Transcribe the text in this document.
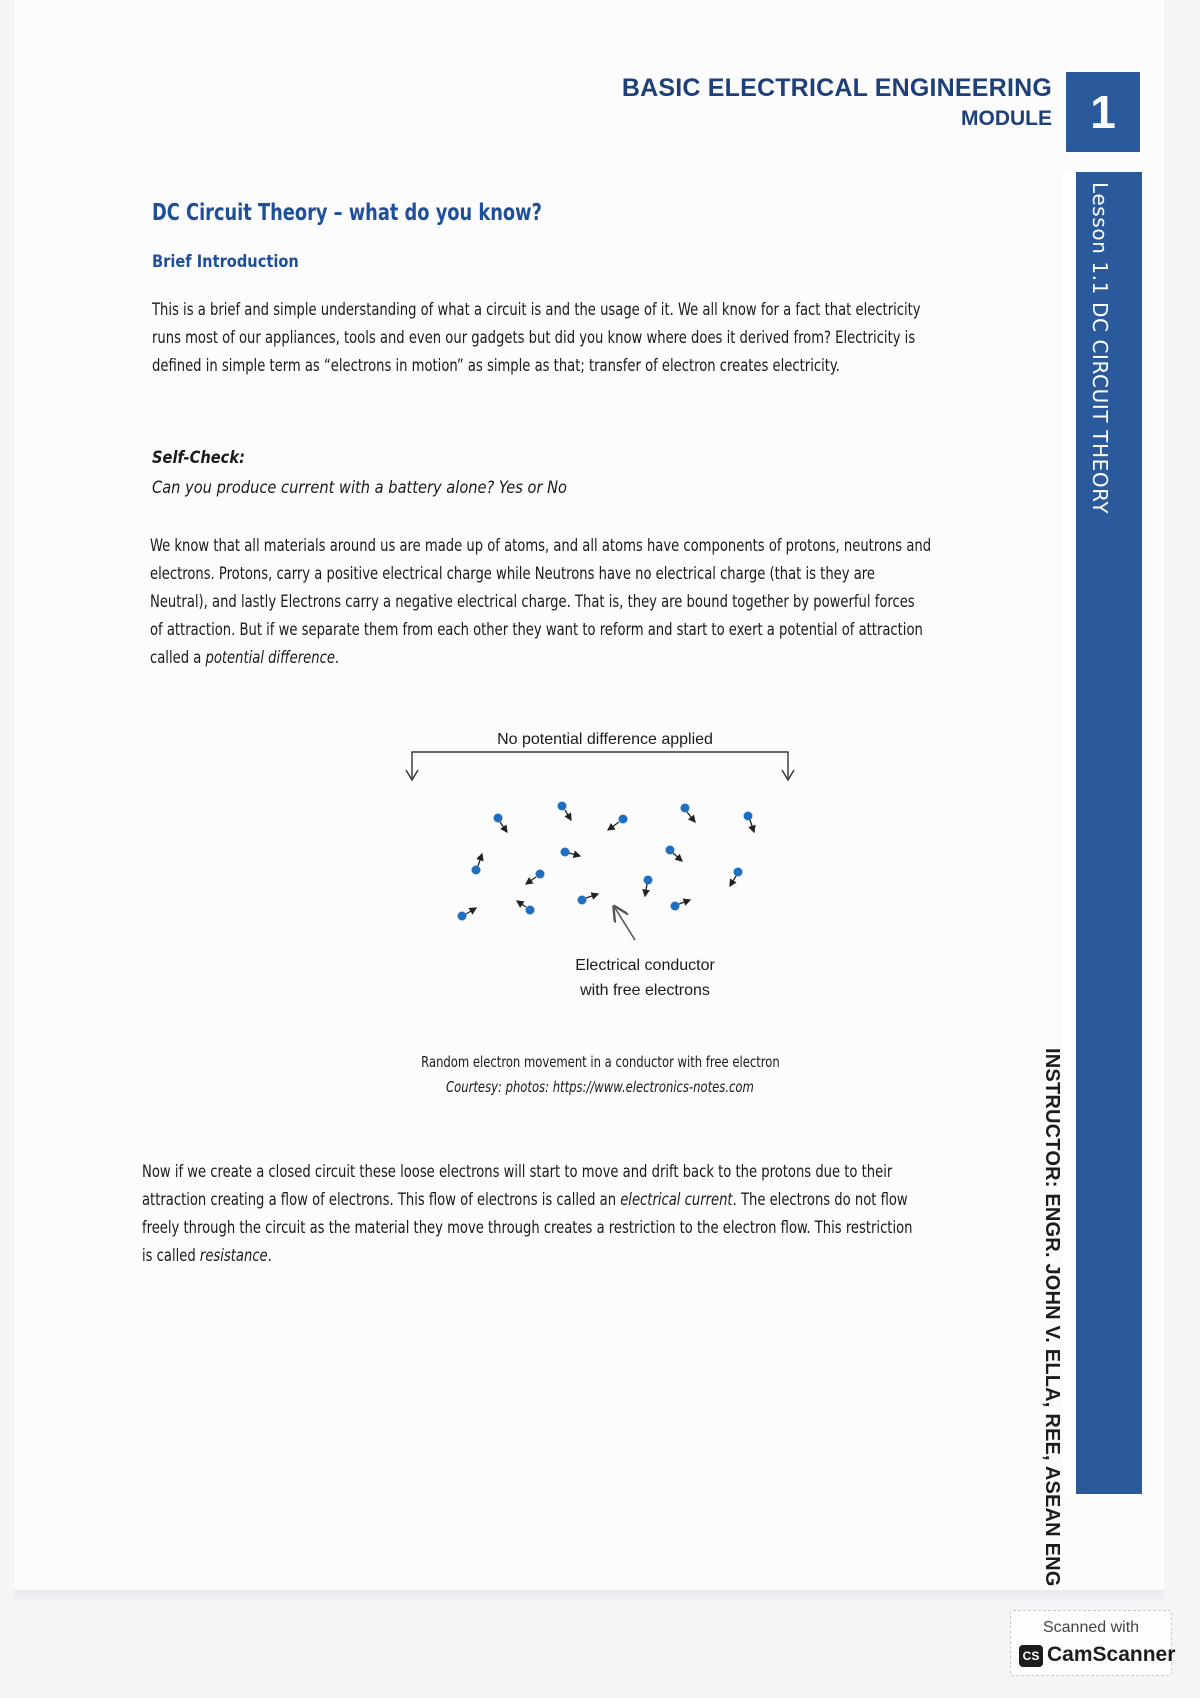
BASIC ELECTRICAL ENGINEERING
MODULE 1
Lesson 1.1 DC CIRCUIT THEORY
INSTRUCTOR: ENGR. JOHN V. ELLA, REE, ASEAN ENG
DC Circuit Theory – what do you know?
Brief Introduction
This is a brief and simple understanding of what a circuit is and the usage of it. We all know for a fact that electricity
runs most of our appliances, tools and even our gadgets but did you know where does it derived from? Electricity is
defined in simple term as “electrons in motion” as simple as that; transfer of electron creates electricity.
Self-Check:
Can you produce current with a battery alone? Yes or No
We know that all materials around us are made up of atoms, and all atoms have components of protons, neutrons and
electrons. Protons, carry a positive electrical charge while Neutrons have no electrical charge (that is they are
Neutral), and lastly Electrons carry a negative electrical charge. That is, they are bound together by powerful forces
of attraction. But if we separate them from each other they want to reform and start to exert a potential of attraction
called a potential difference.
No potential difference applied
Electrical conductor
with free electrons
Random electron movement in a conductor with free electron
Courtesy: photos: https://www.electronics-notes.com
Now if we create a closed circuit these loose electrons will start to move and drift back to the protons due to their
attraction creating a flow of electrons. This flow of electrons is called an electrical current. The electrons do not flow
freely through the circuit as the material they move through creates a restriction to the electron flow. This restriction
is called resistance.
Scanned with
CS CamScanner
